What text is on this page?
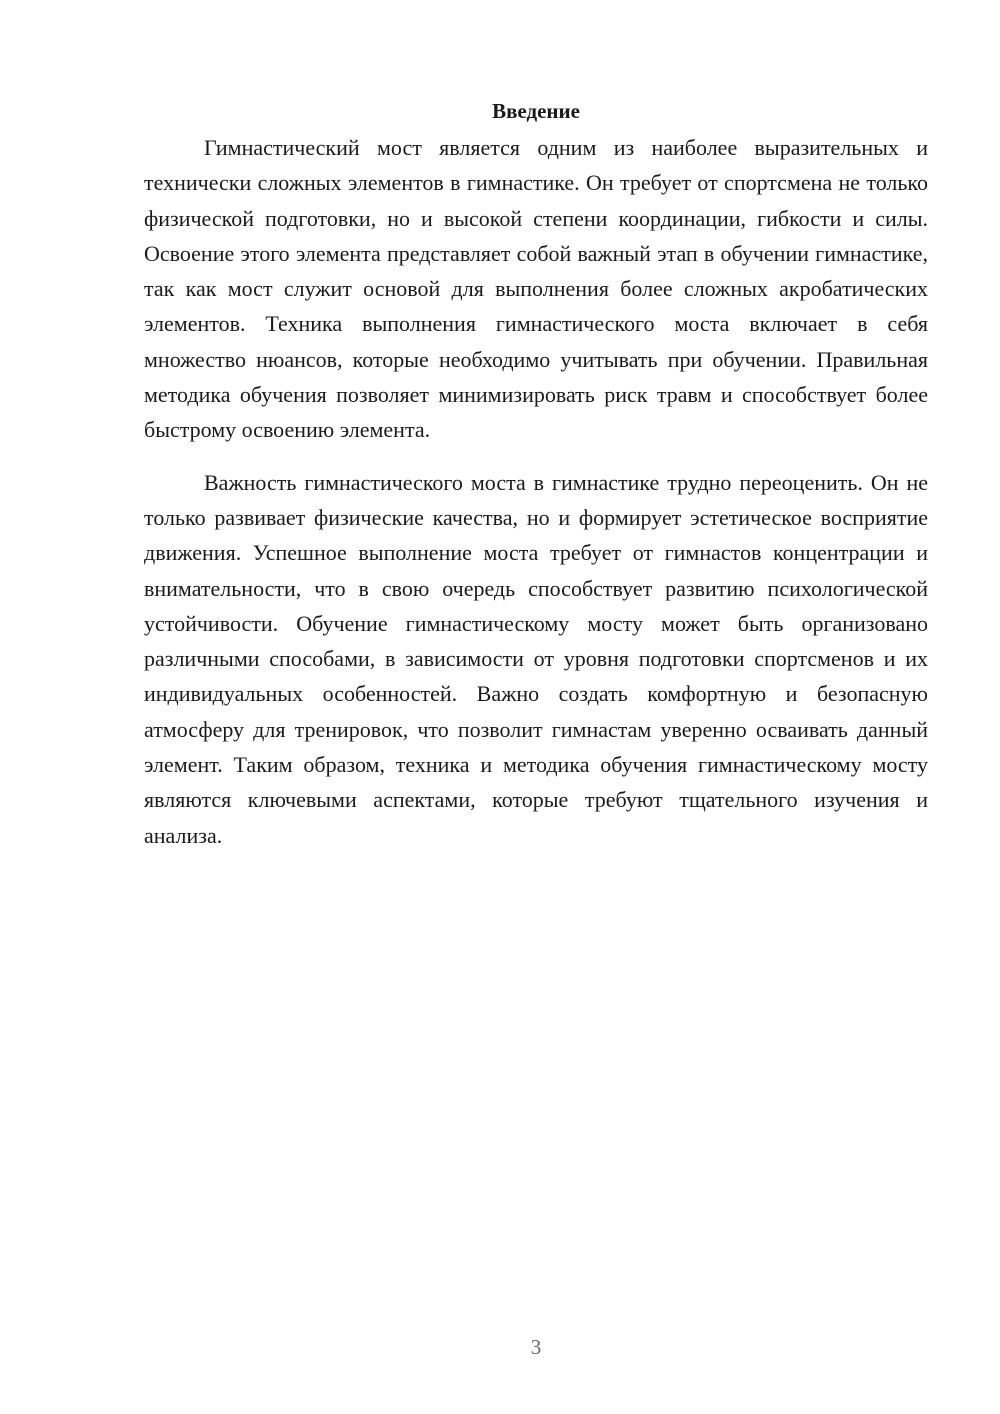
Введение

Гимнастический мост является одним из наиболее выразительных и технически сложных элементов в гимнастике. Он требует от спортсмена не только физической подготовки, но и высокой степени координации, гибкости и силы. Освоение этого элемента представляет собой важный этап в обучении гимнастике, так как мост служит основой для выполнения более сложных акробатических элементов. Техника выполнения гимнастического моста включает в себя множество нюансов, которые необходимо учитывать при обучении. Правильная методика обучения позволяет минимизировать риск травм и способствует более быстрому освоению элемента.

Важность гимнастического моста в гимнастике трудно переоценить. Он не только развивает физические качества, но и формирует эстетическое восприятие движения. Успешное выполнение моста требует от гимнастов концентрации и внимательности, что в свою очередь способствует развитию психологической устойчивости. Обучение гимнастическому мосту может быть организовано различными способами, в зависимости от уровня подготовки спортсменов и их индивидуальных особенностей. Важно создать комфортную и безопасную атмосферу для тренировок, что позволит гимнастам уверенно осваивать данный элемент. Таким образом, техника и методика обучения гимнастическому мосту являются ключевыми аспектами, которые требуют тщательного изучения и анализа.

3
